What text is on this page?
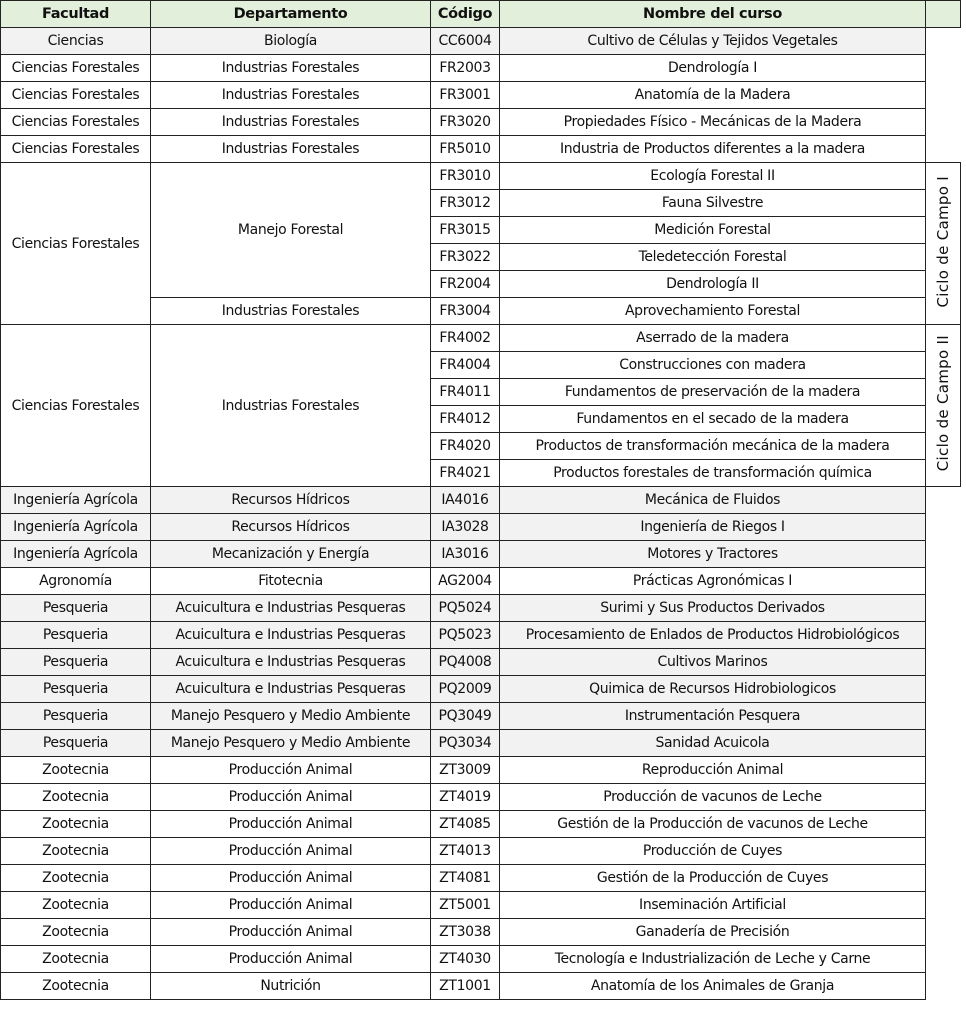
Facultad	Departamento	Código	Nombre del curso	
Ciencias	Biología	CC6004	Cultivo de Células y Tejidos Vegetales	
Ciencias Forestales	Industrias Forestales	FR2003	Dendrología I	
Ciencias Forestales	Industrias Forestales	FR3001	Anatomía de la Madera	
Ciencias Forestales	Industrias Forestales	FR3020	Propiedades Físico - Mecánicas de la Madera	
Ciencias Forestales	Industrias Forestales	FR5010	Industria de Productos diferentes a la madera	
Ciencias Forestales	Manejo Forestal	FR3010	Ecología Forestal II	Ciclo de Campo I
		FR3012	Fauna Silvestre	
		FR3015	Medición Forestal	
		FR3022	Teledetección Forestal	
		FR2004	Dendrología II	
	Industrias Forestales	FR3004	Aprovechamiento Forestal	
Ciencias Forestales	Industrias Forestales	FR4002	Aserrado de la madera	Ciclo de Campo II
		FR4004	Construcciones con madera	
		FR4011	Fundamentos de preservación de la madera	
		FR4012	Fundamentos en el secado de la madera	
		FR4020	Productos de transformación mecánica de la madera	
		FR4021	Productos forestales de transformación química	
Ingeniería Agrícola	Recursos Hídricos	IA4016	Mecánica de Fluidos	
Ingeniería Agrícola	Recursos Hídricos	IA3028	Ingeniería de Riegos I	
Ingeniería Agrícola	Mecanización y Energía	IA3016	Motores y Tractores	
Agronomía	Fitotecnia	AG2004	Prácticas Agronómicas I	
Pesqueria	Acuicultura e Industrias Pesqueras	PQ5024	Surimi y Sus Productos Derivados	
Pesqueria	Acuicultura e Industrias Pesqueras	PQ5023	Procesamiento de Enlados de Productos Hidrobiológicos	
Pesqueria	Acuicultura e Industrias Pesqueras	PQ4008	Cultivos Marinos	
Pesqueria	Acuicultura e Industrias Pesqueras	PQ2009	Quimica de Recursos Hidrobiologicos	
Pesqueria	Manejo Pesquero y Medio Ambiente	PQ3049	Instrumentación Pesquera	
Pesqueria	Manejo Pesquero y Medio Ambiente	PQ3034	Sanidad Acuicola	
Zootecnia	Producción Animal	ZT3009	Reproducción Animal	
Zootecnia	Producción Animal	ZT4019	Producción de vacunos de Leche	
Zootecnia	Producción Animal	ZT4085	Gestión de la Producción de vacunos de Leche	
Zootecnia	Producción Animal	ZT4013	Producción de Cuyes	
Zootecnia	Producción Animal	ZT4081	Gestión de la Producción de Cuyes	
Zootecnia	Producción Animal	ZT5001	Inseminación Artificial	
Zootecnia	Producción Animal	ZT3038	Ganadería de Precisión	
Zootecnia	Producción Animal	ZT4030	Tecnología e Industrialización de Leche y Carne	
Zootecnia	Nutrición	ZT1001	Anatomía de los Animales de Granja	
